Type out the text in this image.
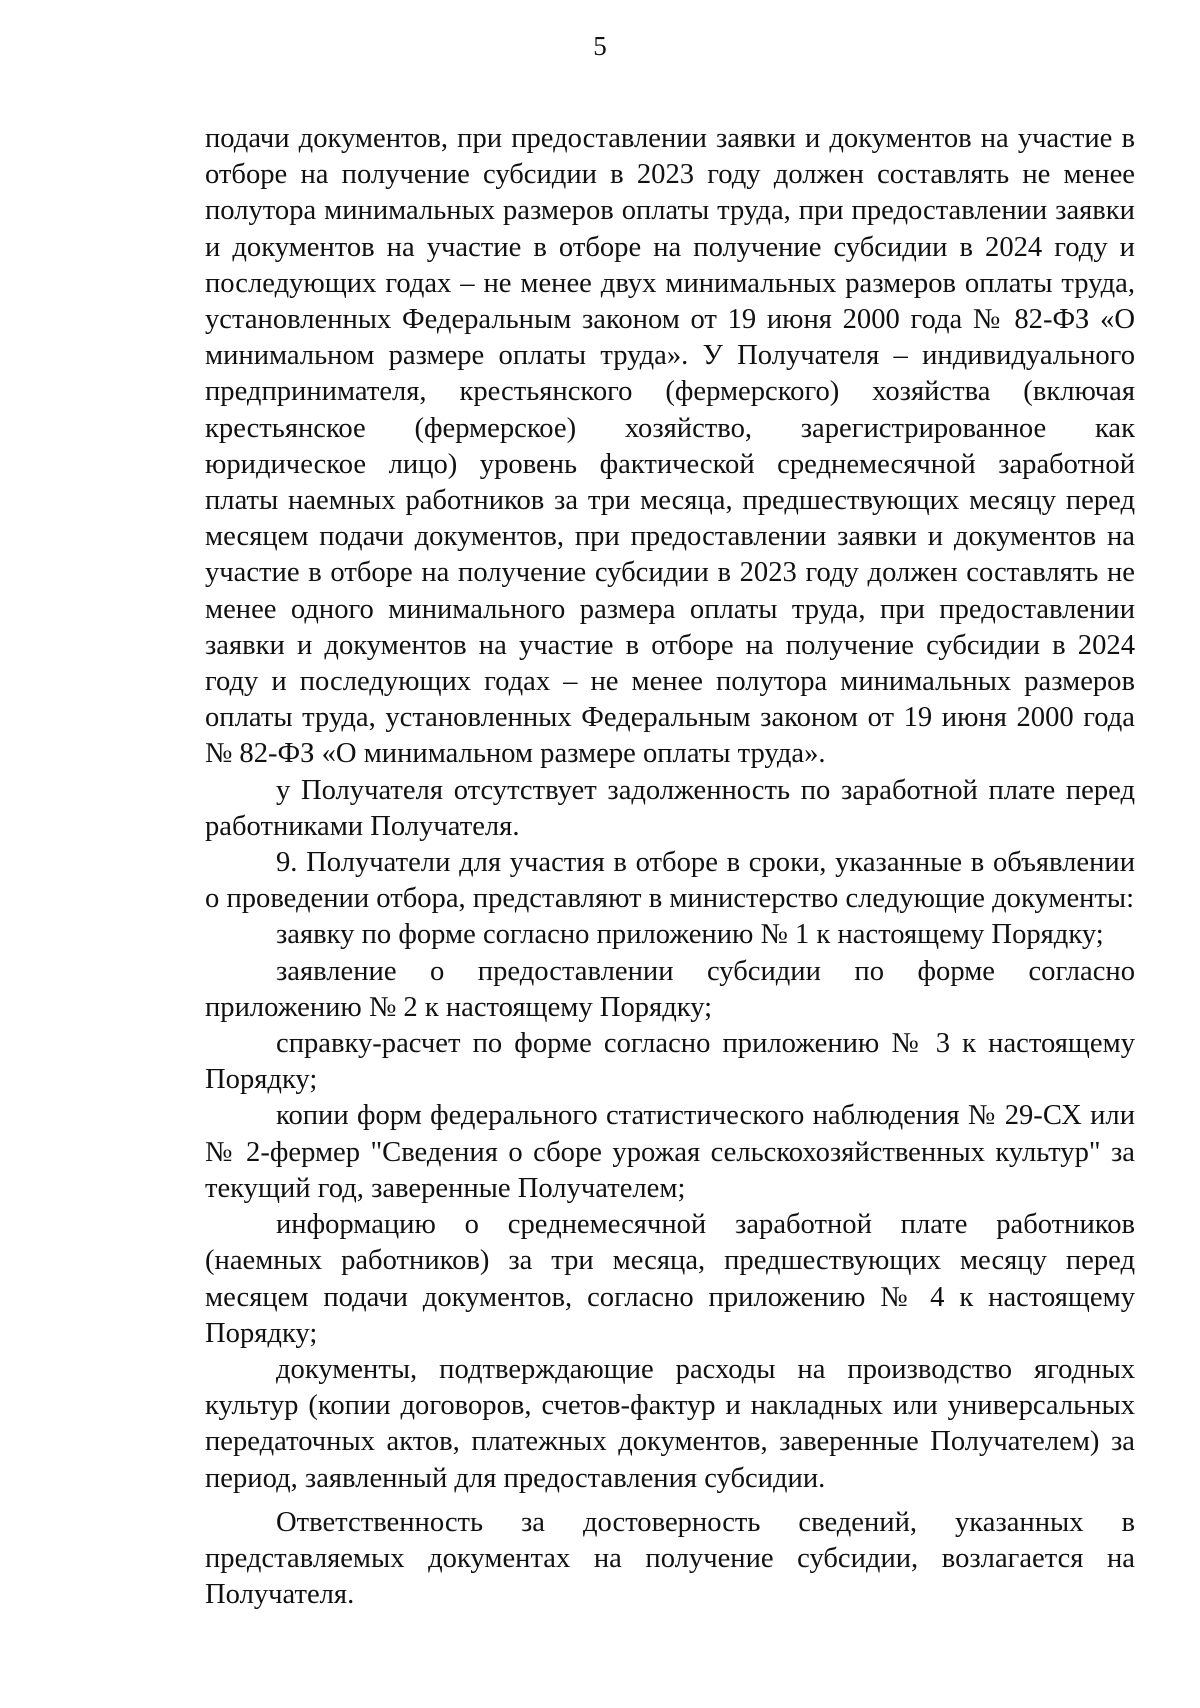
5

подачи документов, при предоставлении заявки и документов на участие в отборе на получение субсидии в 2023 году должен составлять не менее полутора минимальных размеров оплаты труда, при предоставлении заявки и документов на участие в отборе на получение субсидии в 2024 году и последующих годах – не менее двух минимальных размеров оплаты труда, установленных Федеральным законом от 19 июня 2000 года № 82-ФЗ «О минимальном размере оплаты труда». У Получателя – индивидуального предпринимателя, крестьянского (фермерского) хозяйства (включая крестьянское (фермерское) хозяйство, зарегистрированное как юридическое лицо) уровень фактической среднемесячной заработной платы наемных работников за три месяца, предшествующих месяцу перед месяцем подачи документов, при предоставлении заявки и документов на участие в отборе на получение субсидии в 2023 году должен составлять не менее одного минимального размера оплаты труда, при предоставлении заявки и документов на участие в отборе на получение субсидии в 2024 году и последующих годах – не менее полутора минимальных размеров оплаты труда, установленных Федеральным законом от 19 июня 2000 года № 82-ФЗ «О минимальном размере оплаты труда».

у Получателя отсутствует задолженность по заработной плате перед работниками Получателя.

9. Получатели для участия в отборе в сроки, указанные в объявлении о проведении отбора, представляют в министерство следующие документы:

заявку по форме согласно приложению № 1 к настоящему Порядку;

заявление о предоставлении субсидии по форме согласно приложению № 2 к настоящему Порядку;

справку-расчет по форме согласно приложению № 3 к настоящему Порядку;

копии форм федерального статистического наблюдения № 29-СХ или № 2-фермер "Сведения о сборе урожая сельскохозяйственных культур" за текущий год, заверенные Получателем;

информацию о среднемесячной заработной плате работников (наемных работников) за три месяца, предшествующих месяцу перед месяцем подачи документов, согласно приложению № 4 к настоящему Порядку;

документы, подтверждающие расходы на производство ягодных культур (копии договоров, счетов-фактур и накладных или универсальных передаточных актов, платежных документов, заверенные Получателем) за период, заявленный для предоставления субсидии.

Ответственность за достоверность сведений, указанных в представляемых документах на получение субсидии, возлагается на Получателя.
